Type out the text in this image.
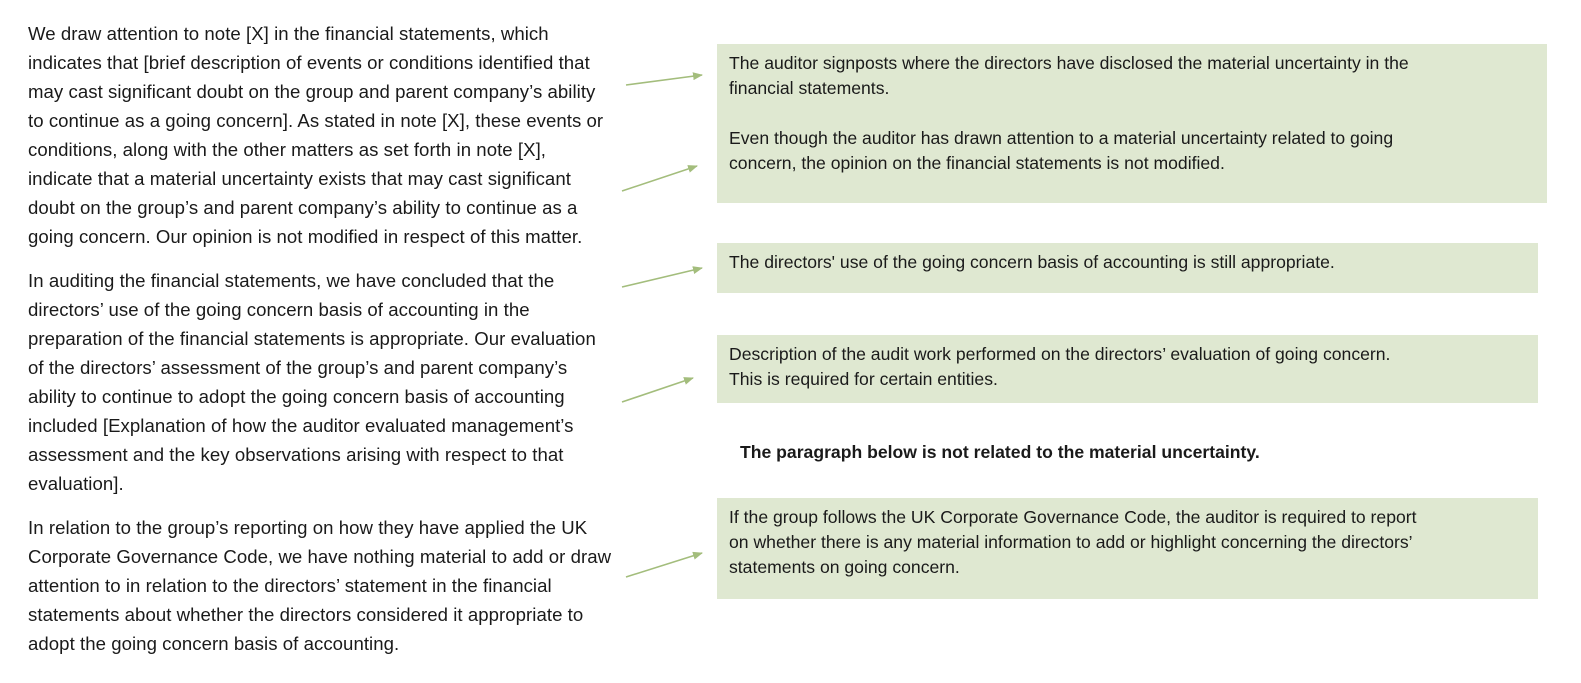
We draw attention to note [X] in the financial statements, which
indicates that [brief description of events or conditions identified that
may cast significant doubt on the group and parent company’s ability
to continue as a going concern]. As stated in note [X], these events or
conditions, along with the other matters as set forth in note [X],
indicate that a material uncertainty exists that may cast significant
doubt on the group’s and parent company’s ability to continue as a
going concern. Our opinion is not modified in respect of this matter.

In auditing the financial statements, we have concluded that the
directors’ use of the going concern basis of accounting in the
preparation of the financial statements is appropriate. Our evaluation
of the directors’ assessment of the group’s and parent company’s
ability to continue to adopt the going concern basis of accounting
included [Explanation of how the auditor evaluated management’s
assessment and the key observations arising with respect to that
evaluation].

In relation to the group’s reporting on how they have applied the UK
Corporate Governance Code, we have nothing material to add or draw
attention to in relation to the directors’ statement in the financial
statements about whether the directors considered it appropriate to
adopt the going concern basis of accounting.

The auditor signposts where the directors have disclosed the material uncertainty in the
financial statements.

Even though the auditor has drawn attention to a material uncertainty related to going
concern, the opinion on the financial statements is not modified.

The directors' use of the going concern basis of accounting is still appropriate.

Description of the audit work performed on the directors’ evaluation of going concern.
This is required for certain entities.

The paragraph below is not related to the material uncertainty.

If the group follows the UK Corporate Governance Code, the auditor is required to report
on whether there is any material information to add or highlight concerning the directors’
statements on going concern.
